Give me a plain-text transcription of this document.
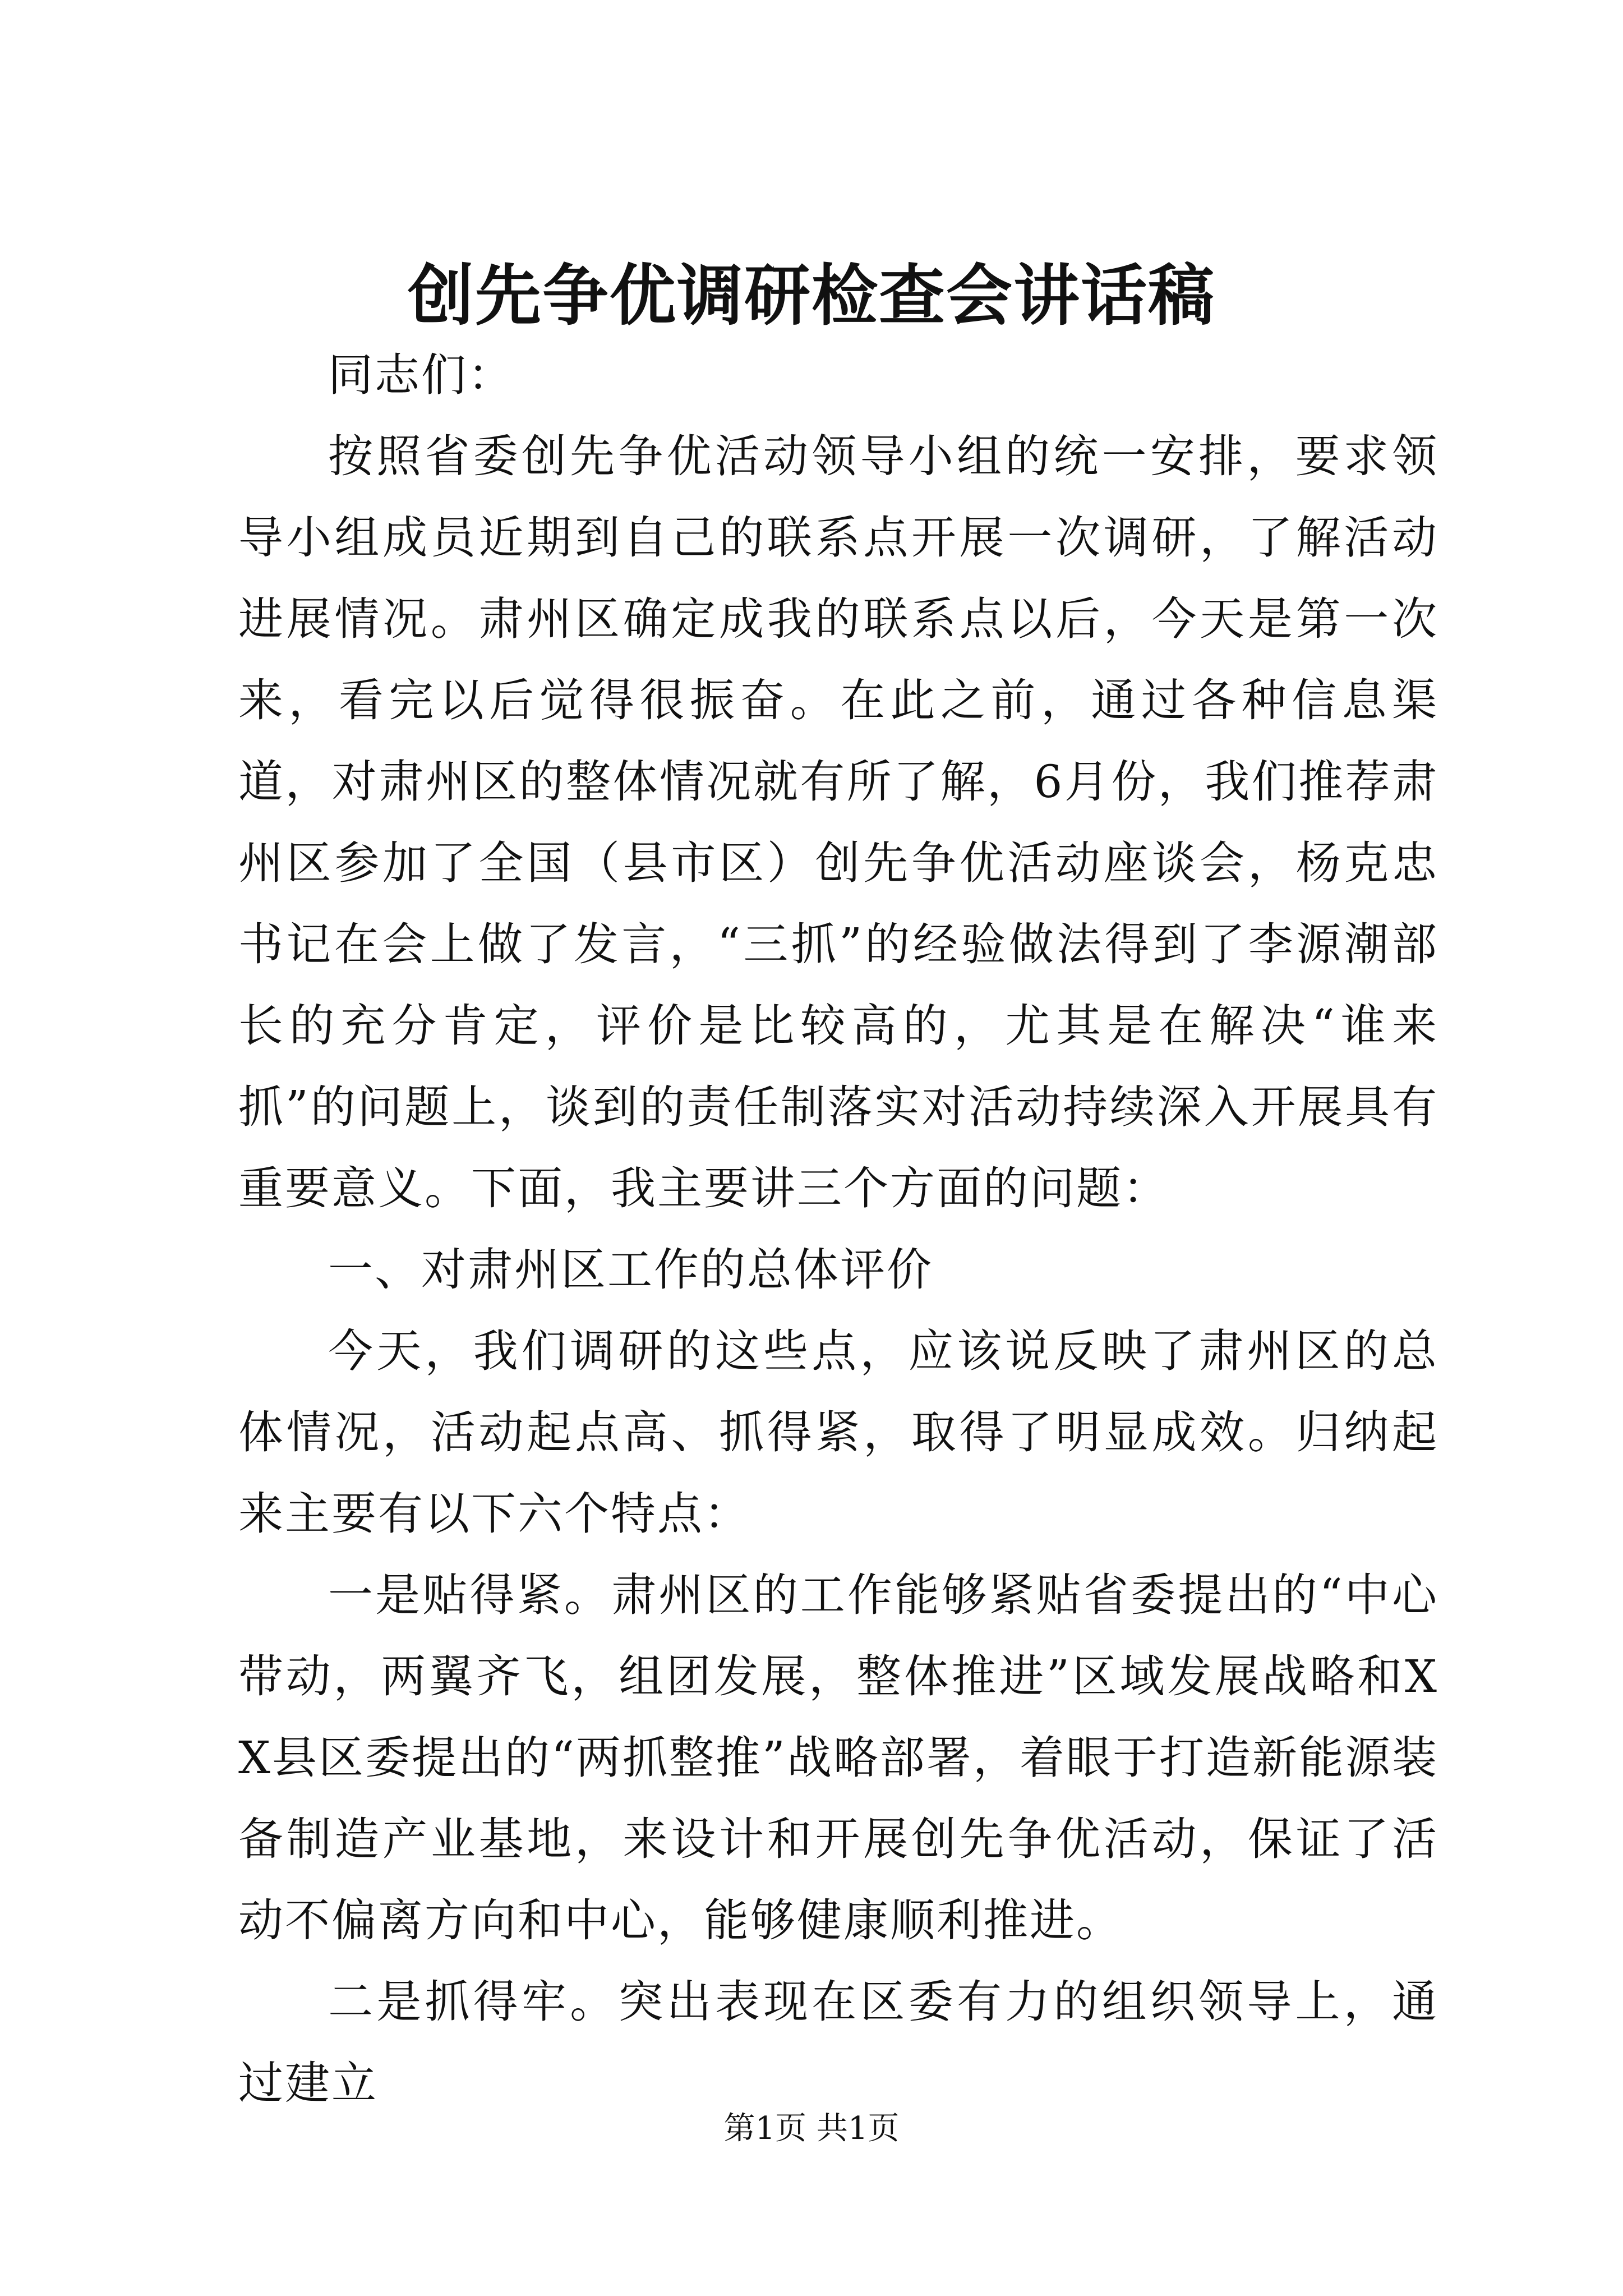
创先争优调研检查会讲话稿

同志们：

按照省委创先争优活动领导小组的统一安排，要求领导小组成员近期到自己的联系点开展一次调研，了解活动进展情况。肃州区确定成我的联系点以后，今天是第一次来，看完以后觉得很振奋。在此之前，通过各种信息渠道，对肃州区的整体情况就有所了解，6月份，我们推荐肃州区参加了全国（县市区）创先争优活动座谈会，杨克忠书记在会上做了发言，“三抓”的经验做法得到了李源潮部长的充分肯定，评价是比较高的，尤其是在解决“谁来抓”的问题上，谈到的责任制落实对活动持续深入开展具有重要意义。下面，我主要讲三个方面的问题：

一、对肃州区工作的总体评价

今天，我们调研的这些点，应该说反映了肃州区的总体情况，活动起点高、抓得紧，取得了明显成效。归纳起来主要有以下六个特点：

一是贴得紧。肃州区的工作能够紧贴省委提出的“中心带动，两翼齐飞，组团发展，整体推进”区域发展战略和XX县区委提出的“两抓整推”战略部署，着眼于打造新能源装备制造产业基地，来设计和开展创先争优活动，保证了活动不偏离方向和中心，能够健康顺利推进。

二是抓得牢。突出表现在区委有力的组织领导上，通过建立

第1页 共1页
